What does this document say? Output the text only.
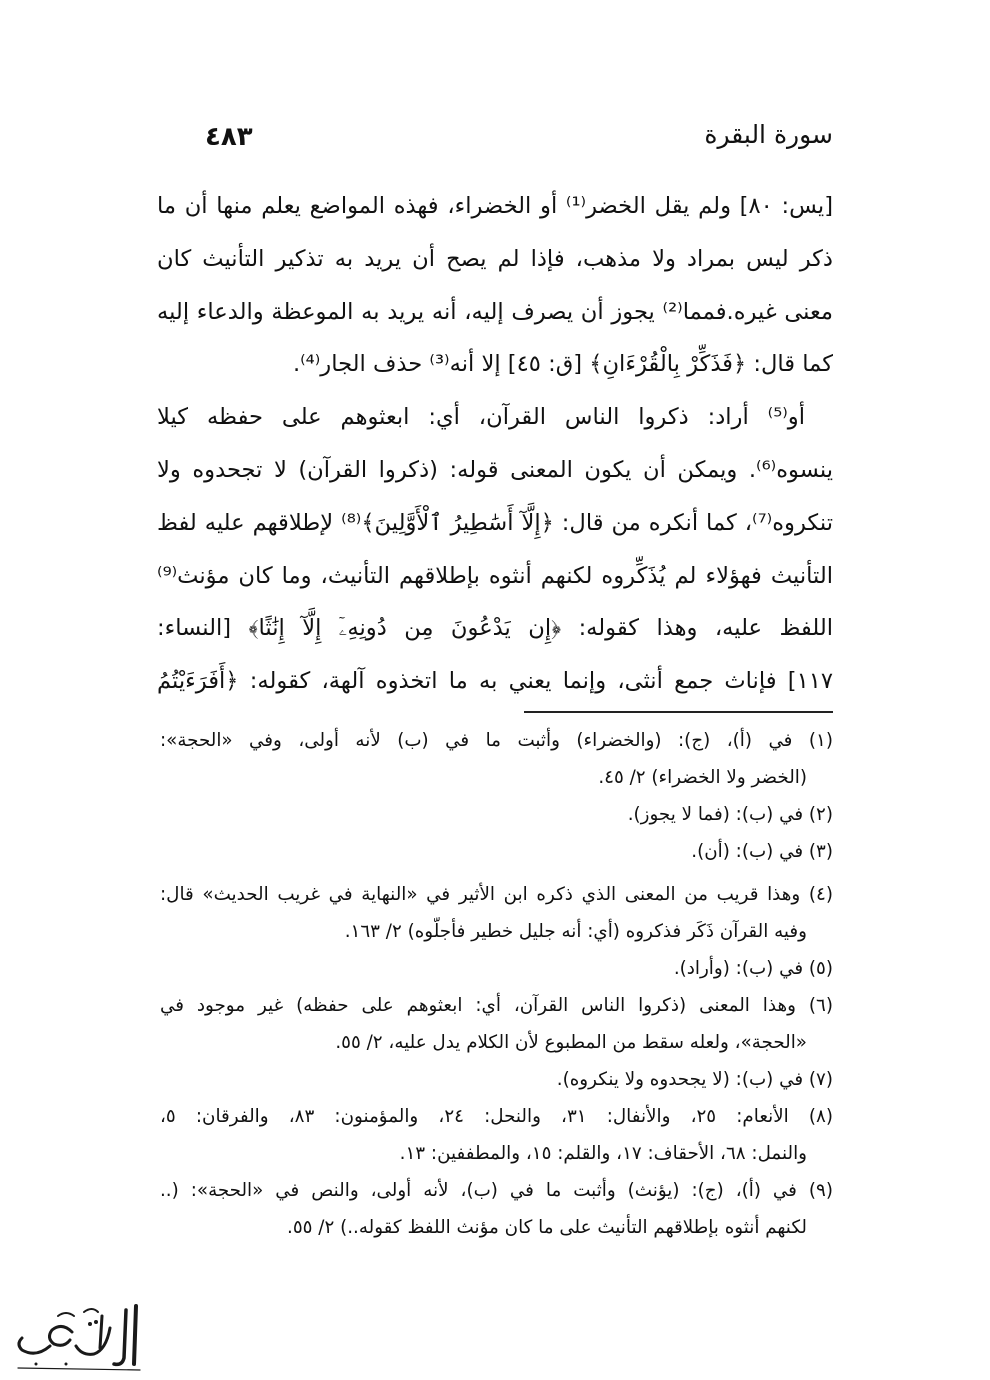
سورة البقرة
٤٨٣
[يس: ٨٠] ولم يقل الخضر⁽¹⁾ أو الخضراء، فهذه المواضع يعلم منها أن ما
ذكر ليس بمراد ولا مذهب، فإذا لم يصح أن يريد به تذكير التأنيث كان
معنى غيره.فمما⁽²⁾ يجوز أن يصرف إليه، أنه يريد به الموعظة والدعاء إليه
كما قال: ﴿فَذَكِّرْ بِالْقُرْءَانِ﴾ [ق: ٤٥] إلا أنه⁽³⁾ حذف الجار⁽⁴⁾.
أو⁽⁵⁾ أراد: ذكروا الناس القرآن، أي: ابعثوهم على حفظه كيلا
ينسوه⁽⁶⁾. ويمكن أن يكون المعنى قوله: (ذكروا القرآن) لا تجحدوه ولا
تنكروه⁽⁷⁾، كما أنكره من قال: ﴿إِلَّآ أَسَٰطِيرُ ٱلْأَوَّلِينَ﴾⁽⁸⁾ لإطلاقهم عليه لفظ
التأنيث فهؤلاء لم يُذَكِّروه لكنهم أنثوه بإطلاقهم التأنيث، وما كان مؤنث⁽⁹⁾
اللفظ عليه، وهذا كقوله: ﴿إِن يَدْعُونَ مِن دُونِهِۦٓ إِلَّآ إِنَٰثًا﴾ [النساء:
١١٧] فإناث جمع أنثى، وإنما يعني به ما اتخذوه آلهة، كقوله: ﴿أَفَرَءَيْتُمُ
(١) في (أ)، (ج): (والخضراء) وأثبت ما في (ب) لأنه أولى، وفي «الحجة»:
(الخضر ولا الخضراء) ٢/ ٤٥.
(٢) في (ب): (فما لا يجوز).
(٣) في (ب): (أن).
(٤) وهذا قريب من المعنى الذي ذكره ابن الأثير في «النهاية في غريب الحديث» قال:
وفيه القرآن ذَكَر فذكروه (أي: أنه جليل خطير فأجلّوه) ٢/ ١٦٣.
(٥) في (ب): (وأراد).
(٦) وهذا المعنى (ذكروا الناس القرآن، أي: ابعثوهم على حفظه) غير موجود في
«الحجة»، ولعله سقط من المطبوع لأن الكلام يدل عليه، ٢/ ٥٥.
(٧) في (ب): (لا يجحدوه ولا ينكروه).
(٨) الأنعام: ٢٥، والأنفال: ٣١، والنحل: ٢٤، والمؤمنون: ٨٣، والفرقان: ٥،
والنمل: ٦٨، الأحقاف: ١٧، والقلم: ١٥، والمطففين: ١٣.
(٩) في (أ)، (ج): (يؤنث) وأثبت ما في (ب)، لأنه أولى، والنص في «الحجة»: (..
لكنهم أنثوه بإطلاقهم التأنيث على ما كان مؤنث اللفظ كقوله..) ٢/ ٥٥.
